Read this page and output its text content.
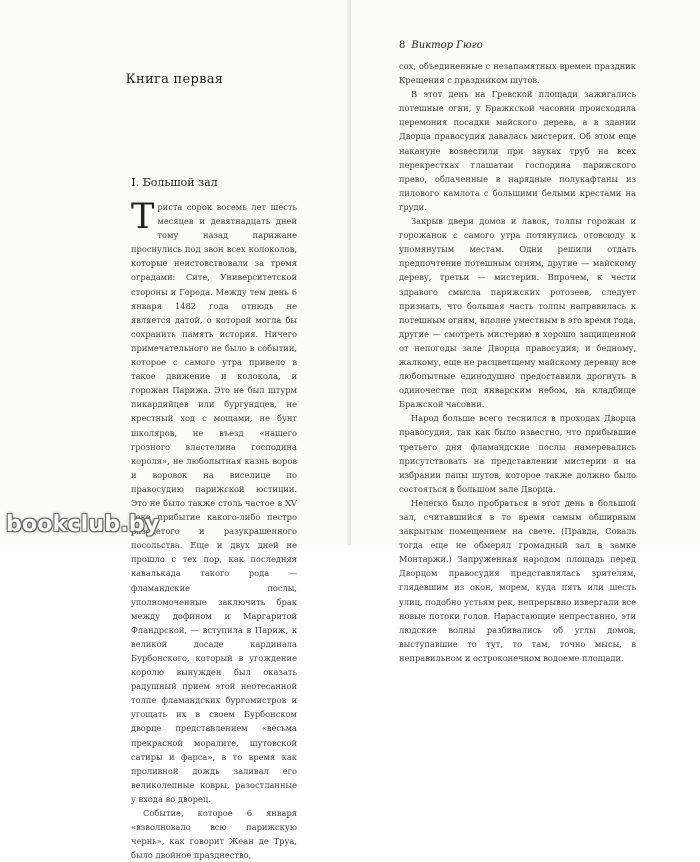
Книга первая
I. Большой зал

Триста сорок восемь лет шесть месяцев и девятнадцать дней тому назад парижане проснулись под звон всех колоколов, которые неистовствовали за тремя оградами: Сите, Университетской стороны и Города. Между тем день 6 января 1482 года отнюдь не является датой, о которой могла бы сохранить память история. Ничего примечательного не было в событии, которое с самого утра привело в такое движение и колокола, и горожан Парижа. Это не был штурм пикардийцев или бургундцев, не крестный ход с мощами, не бунт школяров, не въезд «нашего грозного властелина господина короля», не любопытная казнь воров и воровок на виселице по правосудию парижской юстиции. Это не было также столь частое в XV веке прибытие какого-либо пестро разодетого и разукрашенного посольства. Еще и двух дней не прошло с тех пор, как последняя кавалькада такого рода — фламандские послы, уполномоченные заключить брак между дофином и Маргаритой Фландрской, — вступила в Париж, к великой досаде кардинала Бурбонского, который в угождение королю вынужден был оказать радушный прием этой неотесанной толпе фламандских бургомистров и угощать их в своем Бурбонском дворце представлением «весьма прекрасной моралите, шутовской сатиры и фарса», в то время как проливной дождь заливал его великолепные ковры, разостланные у входа во дворец.

Событие, которое 6 января «взволновало всю парижскую чернь», как говорит Жеан де Труа, было двойное празднество,

8 Виктор Гюго

сох, объединенные с незапамятных времен праздник Крещения с праздником шутов.

В этот день на Гревской площади зажигались потешные огни, у Бражкской часовни происходила церемония посадки майского дерева, а в здании Дворца правосудия давалась мистерия. Об этом еще накануне возвестили при звуках труб на всех перекрестках глашатаи господина парижского прево, облаченные в нарядные полукафтаны из лилового камлота с большими белыми крестами на груди.

Закрыв двери домов и лавок, толпы горожан и горожанок с самого утра потянулись отовсюду к упомянутым местам. Одни решили отдать предпочтение потешным огням, другие — майскому дереву, третьи — мистерии. Впрочем, к чести здравого смысла парижских ротозеев, следует признать, что большая часть толпы направилась к потешным огням, вполне уместным в это время года, другие — смотреть мистерию в хорошо защищенной от непогоды зале Дворца правосудия; и бедному, жалкому, еще не расцветшему майскому деревцу все любопытные единодушно предоставили дрогнуть в одиночестве под январским небом, на кладбище Бражской часовни.

Народ больше всего теснился в проходах Дворца правосудия, так как было известно, что прибывшие третьего дня фламандские послы намеревались присутствовать на представлении мистерии и на избрании папы шутов, которое также должно было состояться в большом зале Дворца.

Нелегко было пробраться в этот день в большой зал, считавшийся в то время самым обширным закрытым помещением на свете. (Правда, Соваль тогда еще не обмерял громадный зал в замке Монтаржи.) Запруженная народом площадь перед Дворцом правосудия представлялась зрителям, глядевшим из окон, морем, куда пять или шесть улиц, подобно устьям рек, непрерывно извергали все новые потоки голов. Нарастающие непрестанно, эти людские волны разбивались об углы домов, выступавшие то тут, то там, точно мысы, в неправильном и остроконечном водоеме площади.

bookclub.by
